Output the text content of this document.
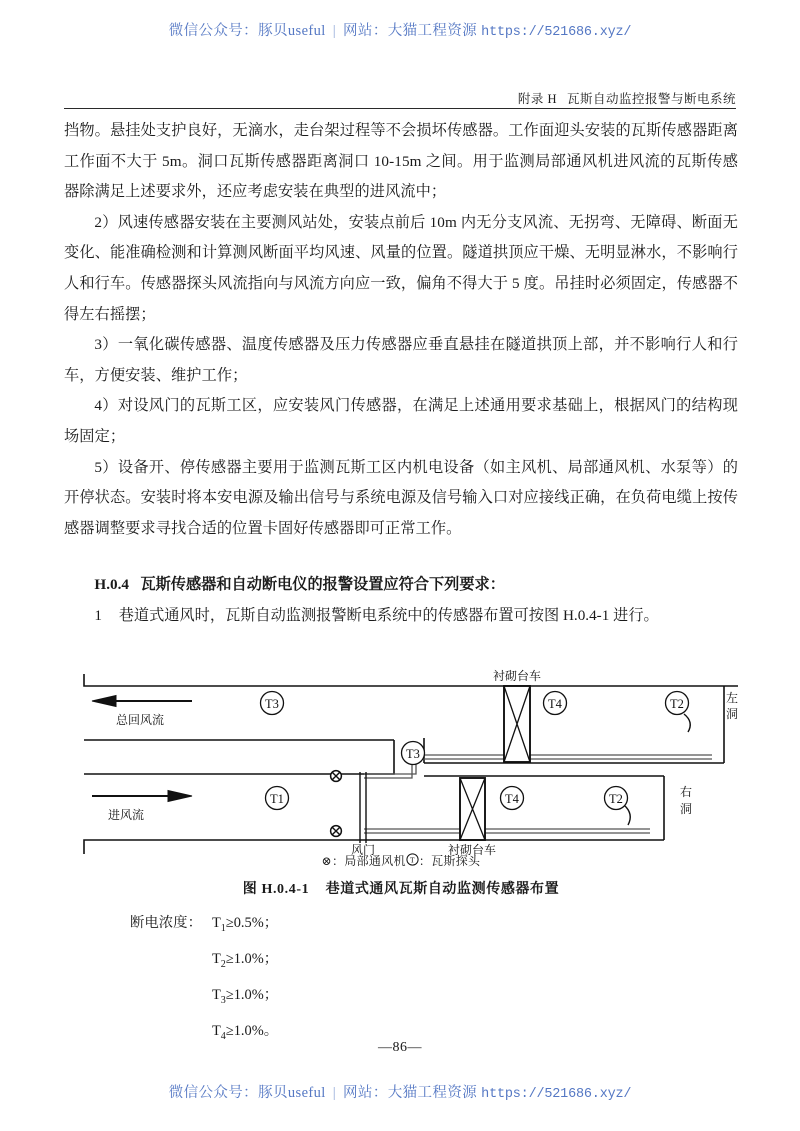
微信公众号：豚贝useful | 网站：大猫工程资源 https://521686.xyz/
附录 H 瓦斯自动监控报警与断电系统

挡物。悬挂处支护良好，无滴水，走台架过程等不会损坏传感器。工作面迎头安装的瓦斯传感器距离工作面不大于 5m。洞口瓦斯传感器距离洞口 10-15m 之间。用于监测局部通风机进风流的瓦斯传感器除满足上述要求外，还应考虑安装在典型的进风流中；

2）风速传感器安装在主要测风站处，安装点前后 10m 内无分支风流、无拐弯、无障碍、断面无变化、能准确检测和计算测风断面平均风速、风量的位置。隧道拱顶应干燥、无明显淋水，不影响行人和行车。传感器探头风流指向与风流方向应一致，偏角不得大于 5 度。吊挂时必须固定，传感器不得左右摇摆；

3）一氧化碳传感器、温度传感器及压力传感器应垂直悬挂在隧道拱顶上部，并不影响行人和行车，方便安装、维护工作；

4）对设风门的瓦斯工区，应安装风门传感器，在满足上述通用要求基础上，根据风门的结构现场固定；

5）设备开、停传感器主要用于监测瓦斯工区内机电设备（如主风机、局部通风机、水泵等）的开停状态。安装时将本安电源及输出信号与系统电源及信号输入口对应接线正确，在负荷电缆上按传感器调整要求寻找合适的位置卡固好传感器即可正常工作。

H.0.4 瓦斯传感器和自动断电仪的报警设置应符合下列要求：

1 巷道式通风时，瓦斯自动监测报警断电系统中的传感器布置可按图 H.0.4-1 进行。

T3	T4	T2
T3
T1	T4	T2
衬砌台车
衬砌台车
总回风流
进风流
风门
左
洞
右
洞
⊗：局部通风机 T ：瓦斯探头
图 H.0.4-1 巷道式通风瓦斯自动监测传感器布置
断电浓度： $T_1\ge 0.5\%$；
$T_2\ge 1.0\%$；
$T_3\ge 1.0\%$；
$T_4\ge 1.0\%$。
—86—
微信公众号：豚贝useful | 网站：大猫工程资源 https://521686.xyz/
